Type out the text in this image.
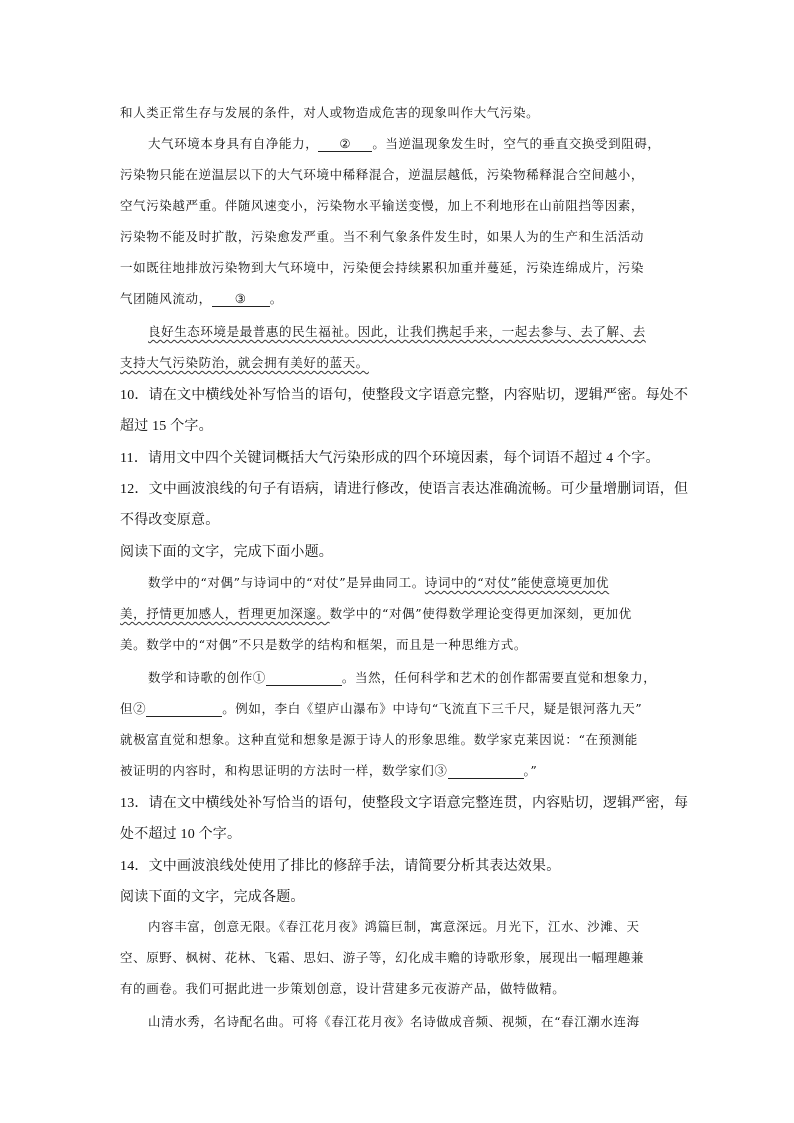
和人类正常生存与发展的条件，对人或物造成危害的现象叫作大气污染。
大气环境本身具有自净能力， ② 。当逆温现象发生时，空气的垂直交换受到阻碍，
污染物只能在逆温层以下的大气环境中稀释混合，逆温层越低，污染物稀释混合空间越小，
空气污染越严重。伴随风速变小，污染物水平输送变慢，加上不利地形在山前阻挡等因素，
污染物不能及时扩散，污染愈发严重。当不利气象条件发生时，如果人为的生产和生活活动
一如既往地排放污染物到大气环境中，污染便会持续累积加重并蔓延，污染连绵成片，污染
气团随风流动， ③ 。
良好生态环境是最普惠的民生福祉。因此，让我们携起手来，一起去参与、去了解、去
支持大气污染防治，就会拥有美好的蓝天。
10．请在文中横线处补写恰当的语句，使整段文字语意完整，内容贴切，逻辑严密。每处不
超过 15 个字。
11．请用文中四个关键词概括大气污染形成的四个环境因素，每个词语不超过 4 个字。
12．文中画波浪线的句子有语病，请进行修改，使语言表达准确流畅。可少量增删词语，但
不得改变原意。
阅读下面的文字，完成下面小题。
数学中的“对偶”与诗词中的“对仗”是异曲同工。诗词中的“对仗”能使意境更加优
美，抒情更加感人，哲理更加深邃。数学中的“对偶”使得数学理论变得更加深刻，更加优
美。数学中的“对偶”不只是数学的结构和框架，而且是一种思维方式。
数学和诗歌的创作①	。当然，任何科学和艺术的创作都需要直觉和想象力，
但②	。例如，李白《望庐山瀑布》中诗句“飞流直下三千尺，疑是银河落九天”
就极富直觉和想象。这种直觉和想象是源于诗人的形象思维。数学家克莱因说：“在预测能
被证明的内容时，和构思证明的方法时一样，数学家们③	。”
13．请在文中横线处补写恰当的语句，使整段文字语意完整连贯，内容贴切，逻辑严密，每
处不超过 10 个字。
14．文中画波浪线处使用了排比的修辞手法，请简要分析其表达效果。
阅读下面的文字，完成各题。
内容丰富，创意无限。《春江花月夜》鸿篇巨制，寓意深远。月光下，江水、沙滩、天
空、原野、枫树、花林、飞霜、思妇、游子等，幻化成丰赡的诗歌形象，展现出一幅理趣兼
有的画卷。我们可据此进一步策划创意，设计营建多元夜游产品，做特做精。
山清水秀，名诗配名曲。可将《春江花月夜》名诗做成音频、视频，在“春江潮水连海
